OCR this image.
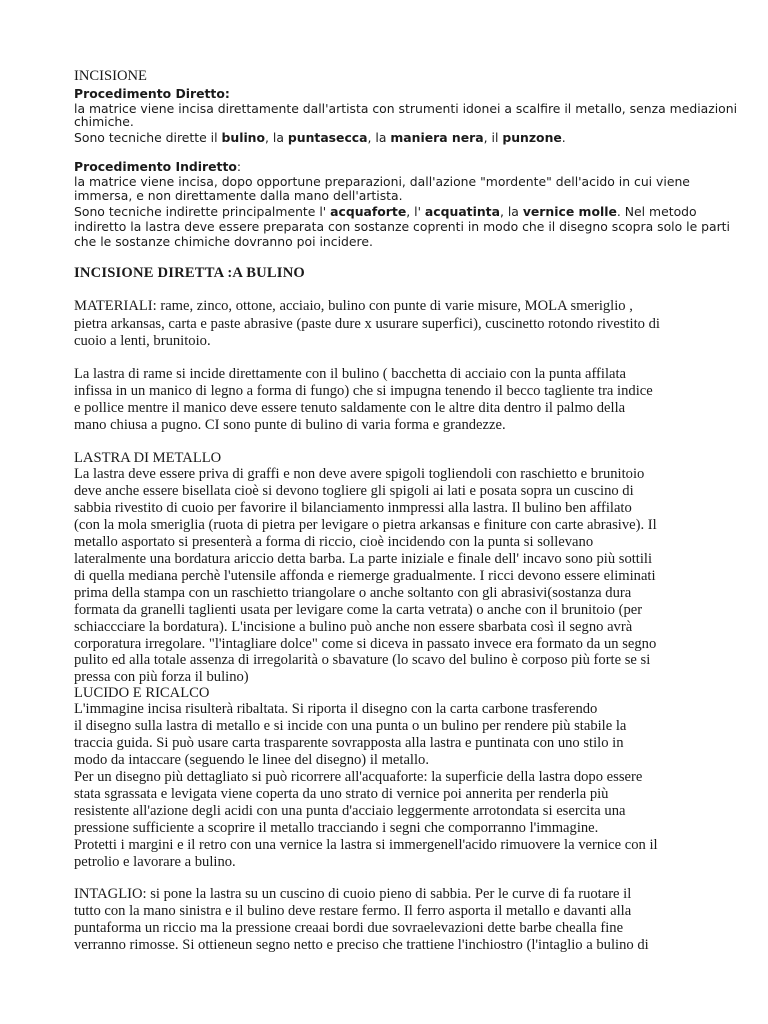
INCISIONE
Procedimento Diretto:
la matrice viene incisa direttamente dall'artista con strumenti idonei a scalfire il metallo, senza mediazioni
chimiche.
Sono tecniche dirette il bulino, la puntasecca, la maniera nera, il punzone.
Procedimento Indiretto:
la matrice viene incisa, dopo opportune preparazioni, dall'azione "mordente" dell'acido in cui viene
immersa, e non direttamente dalla mano dell'artista.
Sono tecniche indirette principalmente l' acquaforte, l' acquatinta, la vernice molle. Nel metodo
indiretto la lastra deve essere preparata con sostanze coprenti in modo che il disegno scopra solo le parti
che le sostanze chimiche dovranno poi incidere.
INCISIONE DIRETTA :A BULINO
MATERIALI: rame, zinco, ottone, acciaio, bulino con punte di varie misure, MOLA smeriglio ,
pietra arkansas, carta e paste abrasive (paste dure x usurare superfici), cuscinetto rotondo rivestito di
cuoio a lenti, brunitoio.
La lastra di rame si incide direttamente con il bulino ( bacchetta di acciaio con la punta affilata
infissa in un manico di legno a forma di fungo) che si impugna tenendo il becco tagliente tra indice
e pollice mentre il manico deve essere tenuto saldamente con le altre dita dentro il palmo della
mano chiusa a pugno. CI sono punte di bulino di varia forma e grandezze.
LASTRA DI METALLO
La lastra deve essere priva di graffi e non deve avere spigoli togliendoli con raschietto e brunitoio
deve anche essere bisellata cioè si devono togliere gli spigoli ai lati e posata sopra un cuscino di
sabbia rivestito di cuoio per favorire il bilanciamento inmpressi alla lastra. Il bulino ben affilato
(con la mola smeriglia (ruota di pietra per levigare o pietra arkansas e finiture con carte abrasive). Il
metallo asportato si presenterà a forma di riccio, cioè incidendo con la punta si sollevano
lateralmente una bordatura ariccio detta barba. La parte iniziale e finale dell' incavo sono più sottili
di quella mediana perchè l'utensile affonda e riemerge gradualmente. I ricci devono essere eliminati
prima della stampa con un raschietto triangolare o anche soltanto con gli abrasivi(sostanza dura
formata da granelli taglienti usata per levigare come la carta vetrata) o anche con il brunitoio (per
schiaccciare la bordatura). L'incisione a bulino può anche non essere sbarbata così il segno avrà
corporatura irregolare. "l'intagliare dolce" come si diceva in passato invece era formato da un segno
pulito ed alla totale assenza di irregolarità o sbavature (lo scavo del bulino è corposo più forte se si
pressa con più forza il bulino)
LUCIDO E RICALCO
L'immagine incisa risulterà ribaltata. Si riporta il disegno con la carta carbone trasferendo
il disegno sulla lastra di metallo e si incide con una punta o un bulino per rendere più stabile la
traccia guida. Si può usare carta trasparente sovrapposta alla lastra e puntinata con uno stilo in
modo da intaccare (seguendo le linee del disegno) il metallo.
Per un disegno più dettagliato si può ricorrere all'acquaforte: la superficie della lastra dopo essere
stata sgrassata e levigata viene coperta da uno strato di vernice poi annerita per renderla più
resistente all'azione degli acidi con una punta d'acciaio leggermente arrotondata si esercita una
pressione sufficiente a scoprire il metallo tracciando i segni che comporranno l'immagine.
Protetti i margini e il retro con una vernice la lastra si immergenell'acido rimuovere la vernice con il
petrolio e lavorare a bulino.
INTAGLIO: si pone la lastra su un cuscino di cuoio pieno di sabbia. Per le curve di fa ruotare il
tutto con la mano sinistra e il bulino deve restare fermo. Il ferro asporta il metallo e davanti alla
puntaforma un riccio ma la pressione creaai bordi due sovraelevazioni dette barbe chealla fine
verranno rimosse. Si ottieneun segno netto e preciso che trattiene l'inchiostro (l'intaglio a bulino di
